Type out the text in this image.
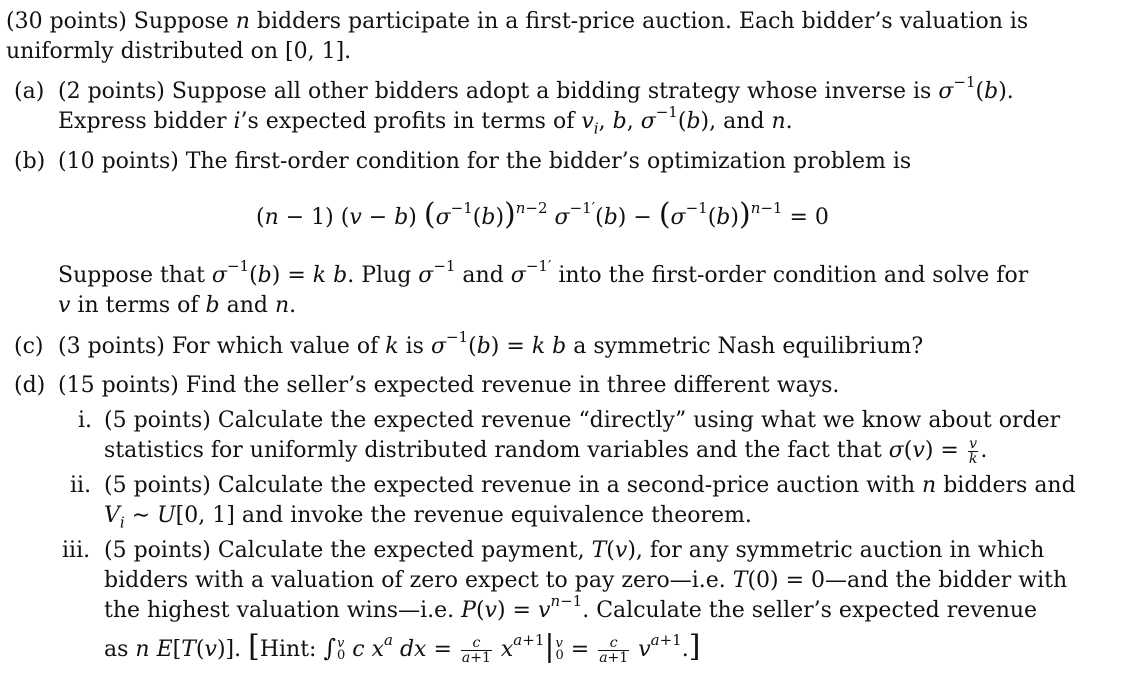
(30 points) Suppose n bidders participate in a first-price auction. Each bidder’s valuation is
uniformly distributed on [0, 1].
(a) (2 points) Suppose all other bidders adopt a bidding strategy whose inverse is $\sigma^{-1}(b)$.
Express bidder i’s expected profits in terms of $v_i$, b, $\sigma^{-1}(b)$, and n.
(b) (10 points) The first-order condition for the bidder’s optimization problem is
(n − 1) (v − b) $(\sigma^{-1}(b))^{n-2}$ $\sigma^{-1'}(b) - (\sigma^{-1}(b))^{n-1} = 0$
Suppose that $\sigma^{-1}(b) = k$ b. Plug $\sigma^{-1}$ and $\sigma^{-1'}$ into the first-order condition and solve for
v in terms of b and n.
(c) (3 points) For which value of k is $\sigma^{-1}(b) = k$ b a symmetric Nash equilibrium?
(d) (15 points) Find the seller’s expected revenue in three different ways.
i. (5 points) Calculate the expected revenue “directly” using what we know about order
statistics for uniformly distributed random variables and the fact that $\sigma(v) = \frac{v}{k}$ .
ii. (5 points) Calculate the expected revenue in a second-price auction with n bidders and
$V_i$ ∼ U[0, 1] and invoke the revenue equivalence theorem.
iii. (5 points) Calculate the expected payment, T(v), for any symmetric auction in which
bidders with a valuation of zero expect to pay zero—i.e. T(0) = 0—and the bidder with
the highest valuation wins—i.e. $P(v) = v^{n-1}$. Calculate the seller’s expected revenue
as n E[T(v)]. [Hint: ∫ v
0 c $x^a$ dx = $\frac{c}{a+1} x^{a+1}|$ v
$0 = \frac{c}{a+1} v^{a+1}$.]
